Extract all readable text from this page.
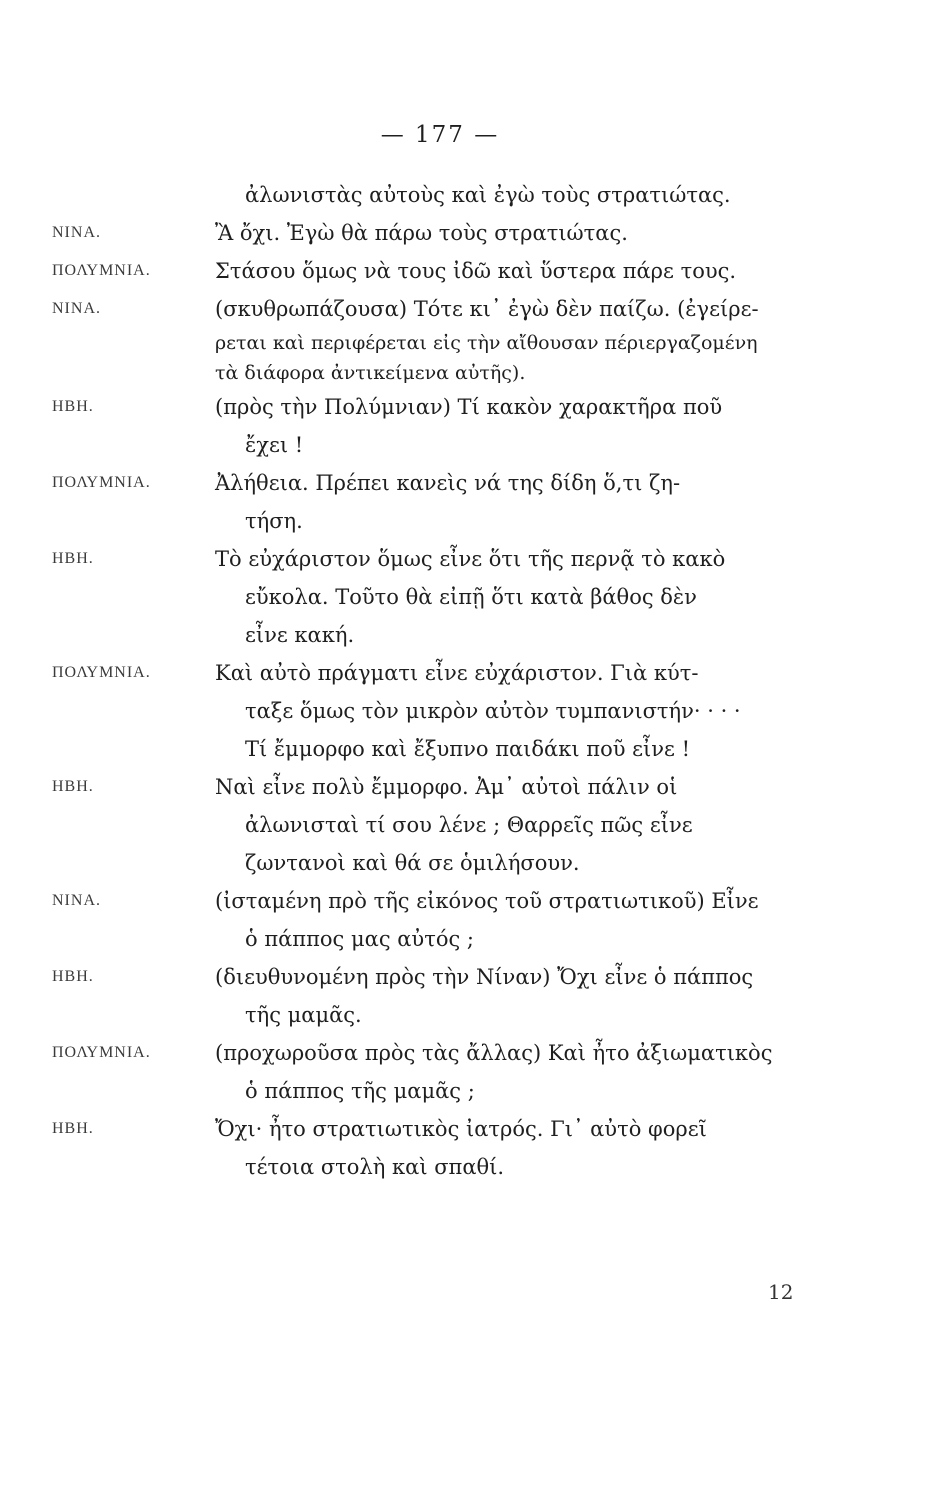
— 177 —
ἀλωνιστὰς αὐτοὺς καὶ ἐγὼ τοὺς στρατιώτας.
ΝΙΝΑ.	Ἂ ὄχι. Ἐγὼ θὰ πάρω τοὺς στρατιώτας.
ΠΟΛΥΜΝΙΑ.	Στάσου ὅμως νὰ τους ἰδῶ καὶ ὕστερα πάρε τους.
ΝΙΝΑ.	(σκυθρωπάζουσα) Τότε κι᾽ ἐγὼ δὲν παίζω. (ἐγείρε-
ρεται καὶ περιφέρεται εἰς τὴν αἴθουσαν πέριεργαζομένη
τὰ διάφορα ἀντικείμενα αὐτῆς).
ΗΒΗ.	(πρὸς τὴν Πολύμνιαν) Τί κακὸν χαρακτῆρα ποῦ
ἔχει !
ΠΟΛΥΜΝΙΑ.	Ἀλήθεια. Πρέπει κανεὶς νά της δίδη ὅ,τι ζη-
τήση.
ΗΒΗ.	Τὸ εὐχάριστον ὅμως εἶνε ὅτι τῆς περνᾷ τὸ κακὸ
εὔκολα. Τοῦτο θὰ εἰπῇ ὅτι κατὰ βάθος δὲν
εἶνε κακή.
ΠΟΛΥΜΝΙΑ.	Καὶ αὐτὸ πράγματι εἶνε εὐχάριστον. Γιὰ κύτ-
ταξε ὅμως τὸν μικρὸν αὐτὸν τυμπανιστήν· · · ·
Τί ἔμμορφο καὶ ἔξυπνο παιδάκι ποῦ εἶνε !
ΗΒΗ.	Ναὶ εἶνε πολὺ ἔμμορφο. Ἀμ᾽ αὐτοὶ πάλιν οἱ
ἀλωνισταὶ τί σου λένε ; Θαρρεῖς πῶς εἶνε
ζωντανοὶ καὶ θά σε ὁμιλήσουν.
ΝΙΝΑ.	(ἰσταμένη πρὸ τῆς εἰκόνος τοῦ στρατιωτικοῦ) Εἶνε
ὁ πάππος μας αὐτός ;
ΗΒΗ.	(διευθυνομένη πρὸς τὴν Νίναν) Ὄχι εἶνε ὁ πάππος
τῆς μαμᾶς.
ΠΟΛΥΜΝΙΑ.	(προχωροῦσα πρὸς τὰς ἄλλας) Καὶ ἦτο ἀξιωματικὸς
ὁ πάππος τῆς μαμᾶς ;
ΗΒΗ.	Ὄχι· ἦτο στρατιωτικὸς ἰατρός. Γι᾽ αὐτὸ φορεῖ
τέτοια στολὴ καὶ σπαθί.
12
